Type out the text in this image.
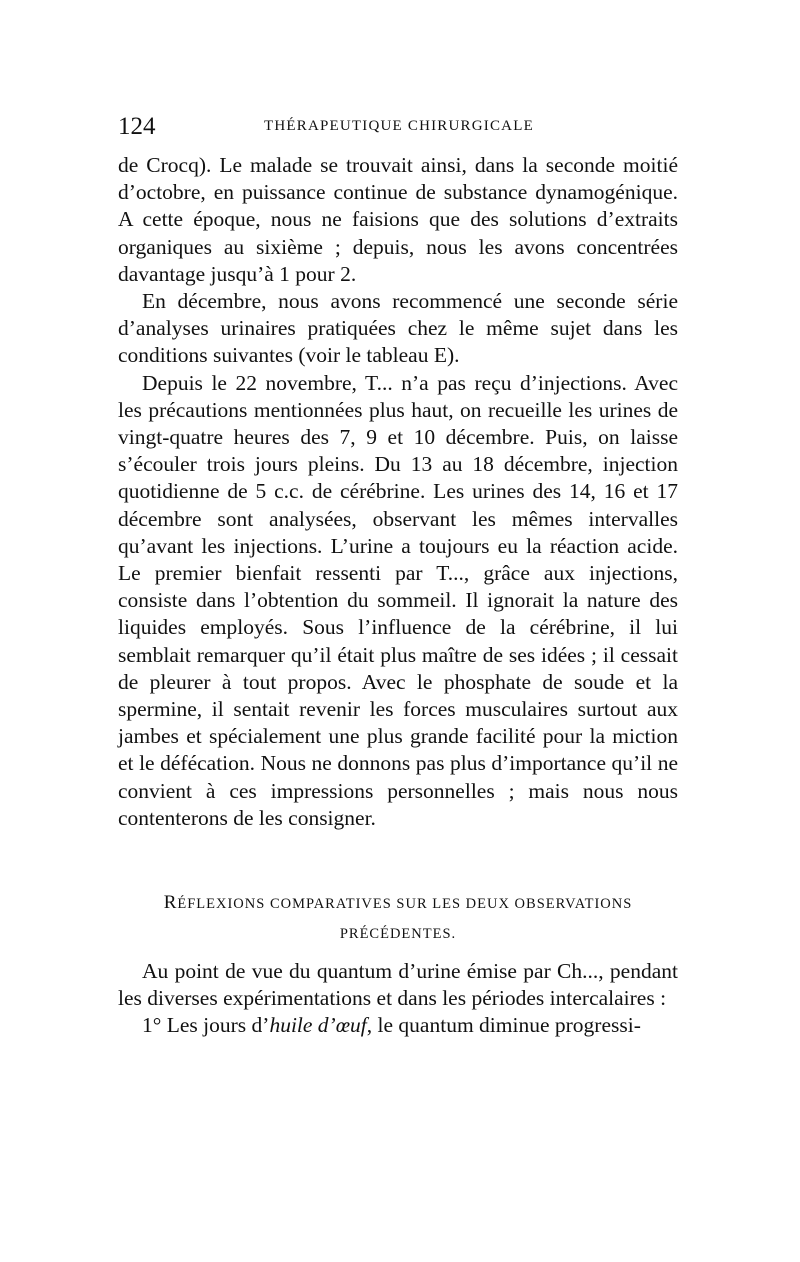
124	THÉRAPEUTIQUE CHIRURGICALE

de Crocq). Le malade se trouvait ainsi, dans la seconde moitié d’octobre, en puissance continue de substance dynamogénique. A cette époque, nous ne faisions que des solutions d’extraits organiques au sixième ; depuis, nous les avons concentrées davantage jusqu’à 1 pour 2.

En décembre, nous avons recommencé une seconde série d’analyses urinaires pratiquées chez le même sujet dans les conditions suivantes (voir le tableau E).

Depuis le 22 novembre, T... n’a pas reçu d’injections. Avec les précautions mentionnées plus haut, on recueille les urines de vingt-quatre heures des 7, 9 et 10 décembre. Puis, on laisse s’écouler trois jours pleins. Du 13 au 18 décembre, injection quotidienne de 5 c.c. de cérébrine. Les urines des 14, 16 et 17 décembre sont analysées, observant les mêmes intervalles qu’avant les injections. L’urine a toujours eu la réaction acide. Le premier bienfait ressenti par T..., grâce aux injections, consiste dans l’obtention du sommeil. Il ignorait la nature des liquides employés. Sous l’influence de la cérébrine, il lui semblait remarquer qu’il était plus maître de ses idées ; il cessait de pleurer à tout propos. Avec le phosphate de soude et la spermine, il sentait revenir les forces musculaires surtout aux jambes et spécialement une plus grande facilité pour la miction et le défécation. Nous ne donnons pas plus d’importance qu’il ne convient à ces impressions personnelles ; mais nous nous contenterons de les consigner.

RÉFLEXIONS COMPARATIVES SUR LES DEUX OBSERVATIONS
PRÉCÉDENTES.

Au point de vue du quantum d’urine émise par Ch..., pendant les diverses expérimentations et dans les périodes intercalaires :

1° Les jours d’huile d’œuf, le quantum diminue progressi-
